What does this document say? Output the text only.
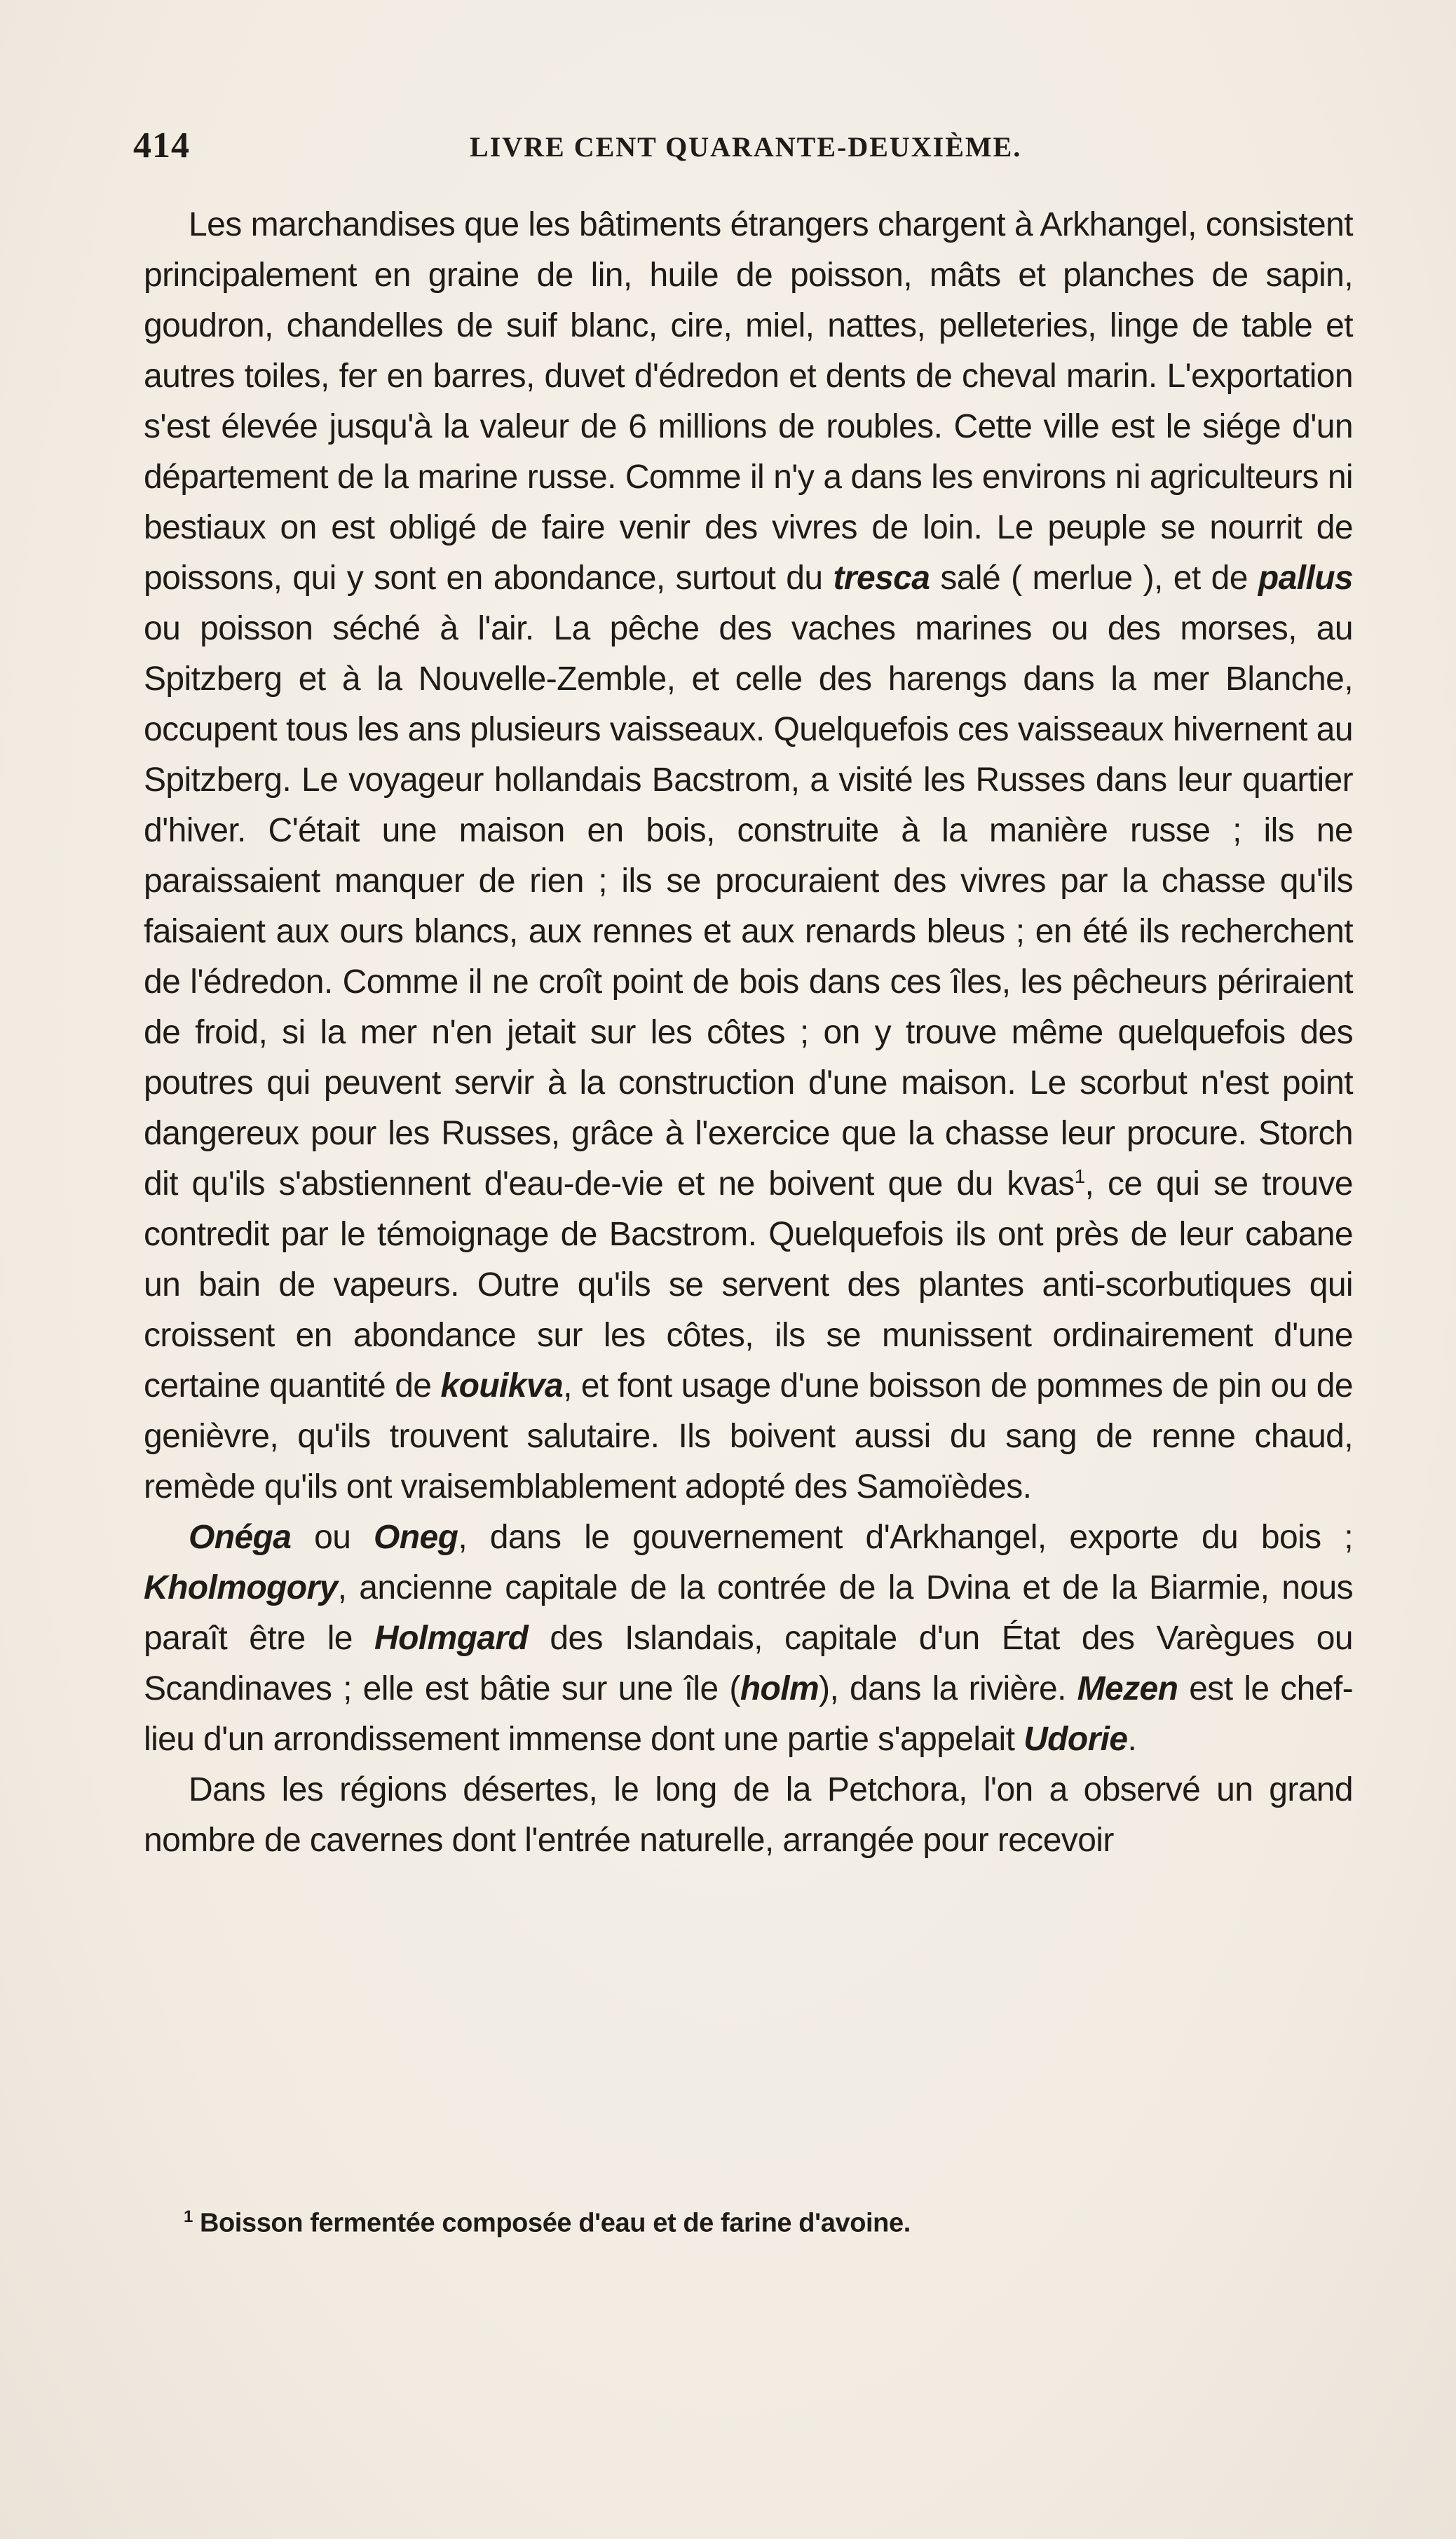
414	LIVRE CENT QUARANTE-DEUXIÈME.

Les marchandises que les bâtiments étrangers chargent à Arkhangel, consistent principalement en graine de lin, huile de poisson, mâts et planches de sapin, goudron, chandelles de suif blanc, cire, miel, nattes, pelleteries, linge de table et autres toiles, fer en barres, duvet d'édredon et dents de cheval marin. L'exportation s'est élevée jusqu'à la valeur de 6 millions de roubles. Cette ville est le siége d'un département de la marine russe. Comme il n'y a dans les environs ni agriculteurs ni bestiaux on est obligé de faire venir des vivres de loin. Le peuple se nourrit de poissons, qui y sont en abondance, surtout du tresca salé ( merlue ), et de pallus ou poisson séché à l'air. La pêche des vaches marines ou des morses, au Spitzberg et à la Nouvelle-Zemble, et celle des harengs dans la mer Blanche, occupent tous les ans plusieurs vaisseaux. Quelquefois ces vaisseaux hivernent au Spitzberg. Le voyageur hollandais Bacstrom, a visité les Russes dans leur quartier d'hiver. C'était une maison en bois, construite à la manière russe ; ils ne paraissaient manquer de rien ; ils se procuraient des vivres par la chasse qu'ils faisaient aux ours blancs, aux rennes et aux renards bleus ; en été ils recherchent de l'édredon. Comme il ne croît point de bois dans ces îles, les pêcheurs périraient de froid, si la mer n'en jetait sur les côtes ; on y trouve même quelquefois des poutres qui peuvent servir à la construction d'une maison. Le scorbut n'est point dangereux pour les Russes, grâce à l'exercice que la chasse leur procure. Storch dit qu'ils s'abstiennent d'eau-de-vie et ne boivent que du kvas$^1$, ce qui se trouve contredit par le témoignage de Bacstrom. Quelquefois ils ont près de leur cabane un bain de vapeurs. Outre qu'ils se servent des plantes anti-scorbutiques qui croissent en abondance sur les côtes, ils se munissent ordinairement d'une certaine quantité de kouikva, et font usage d'une boisson de pommes de pin ou de genièvre, qu'ils trouvent salutaire. Ils boivent aussi du sang de renne chaud, remède qu'ils ont vraisemblablement adopté des Samoïèdes.

Onéga ou Oneg, dans le gouvernement d'Arkhangel, exporte du bois ; Kholmogory, ancienne capitale de la contrée de la Dvina et de la Biarmie, nous paraît être le Holmgard des Islandais, capitale d'un État des Varègues ou Scandinaves ; elle est bâtie sur une île (holm), dans la rivière. Mezen est le chef-lieu d'un arrondissement immense dont une partie s'appelait Udorie.

Dans les régions désertes, le long de la Petchora, l'on a observé un grand nombre de cavernes dont l'entrée naturelle, arrangée pour recevoir

$^1$ Boisson fermentée composée d'eau et de farine d'avoine.
